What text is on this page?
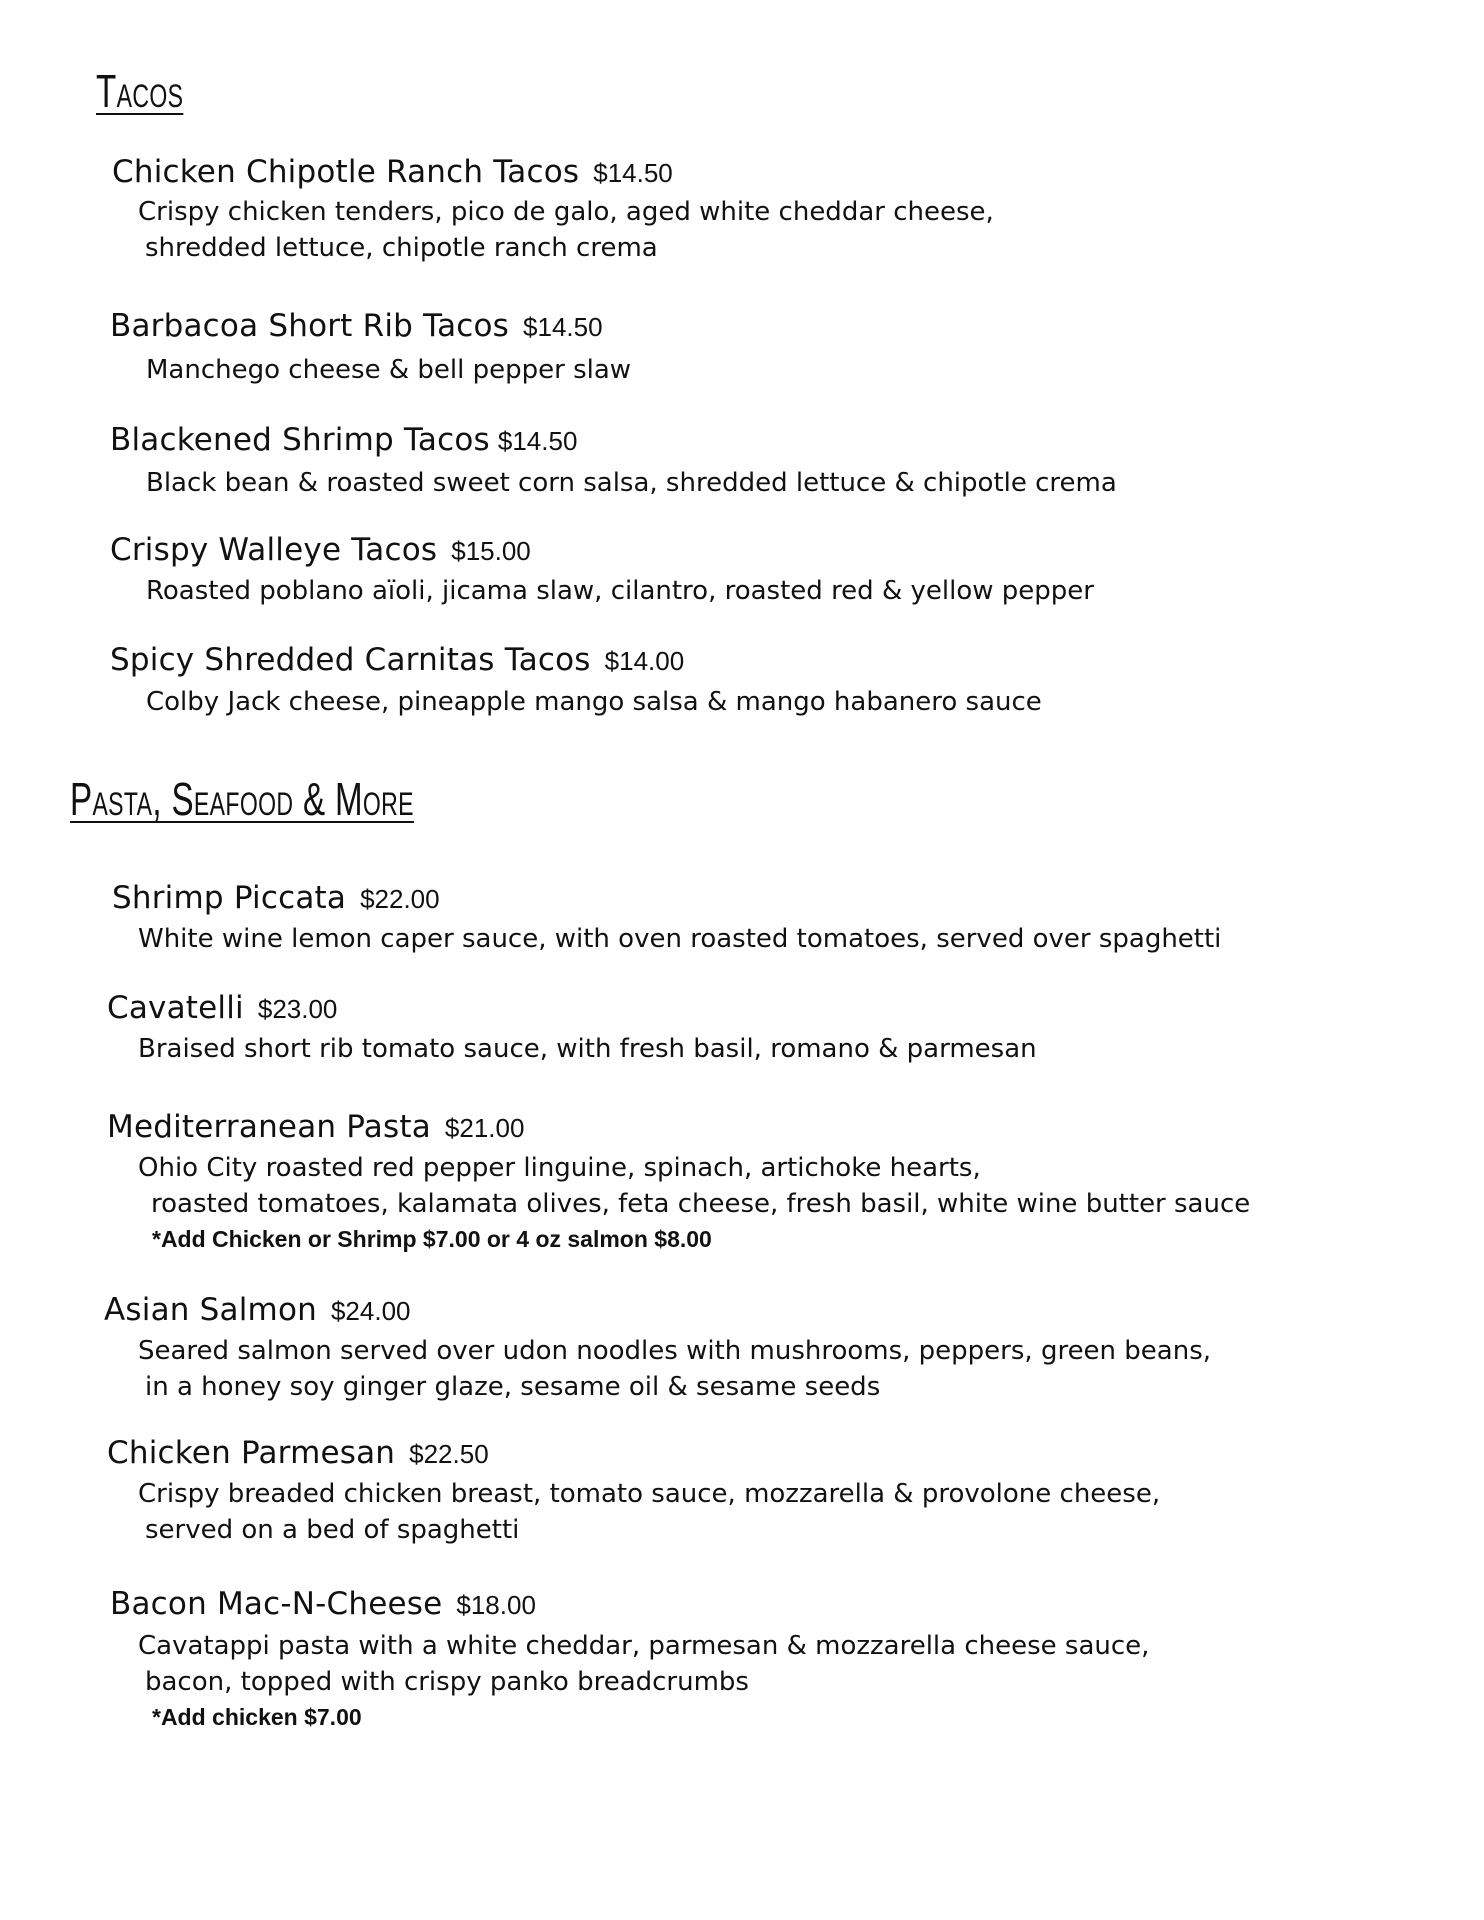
Tacos
Chicken Chipotle Ranch Tacos $14.50
Crispy chicken tenders, pico de galo, aged white cheddar cheese,
shredded lettuce, chipotle ranch crema
Barbacoa Short Rib Tacos $14.50
Manchego cheese & bell pepper slaw
Blackened Shrimp Tacos $14.50
Black bean & roasted sweet corn salsa, shredded lettuce & chipotle crema
Crispy Walleye Tacos $15.00
Roasted poblano aïoli, jicama slaw, cilantro, roasted red & yellow pepper
Spicy Shredded Carnitas Tacos $14.00
Colby Jack cheese, pineapple mango salsa & mango habanero sauce
Pasta, Seafood & More
Shrimp Piccata $22.00
White wine lemon caper sauce, with oven roasted tomatoes, served over spaghetti
Cavatelli $23.00
Braised short rib tomato sauce, with fresh basil, romano & parmesan
Mediterranean Pasta $21.00
Ohio City roasted red pepper linguine, spinach, artichoke hearts,
roasted tomatoes, kalamata olives, feta cheese, fresh basil, white wine butter sauce
*Add Chicken or Shrimp $7.00 or 4 oz salmon $8.00
Asian Salmon $24.00
Seared salmon served over udon noodles with mushrooms, peppers, green beans,
in a honey soy ginger glaze, sesame oil & sesame seeds
Chicken Parmesan $22.50
Crispy breaded chicken breast, tomato sauce, mozzarella & provolone cheese,
served on a bed of spaghetti
Bacon Mac-N-Cheese $18.00
Cavatappi pasta with a white cheddar, parmesan & mozzarella cheese sauce,
bacon, topped with crispy panko breadcrumbs
*Add chicken $7.00
